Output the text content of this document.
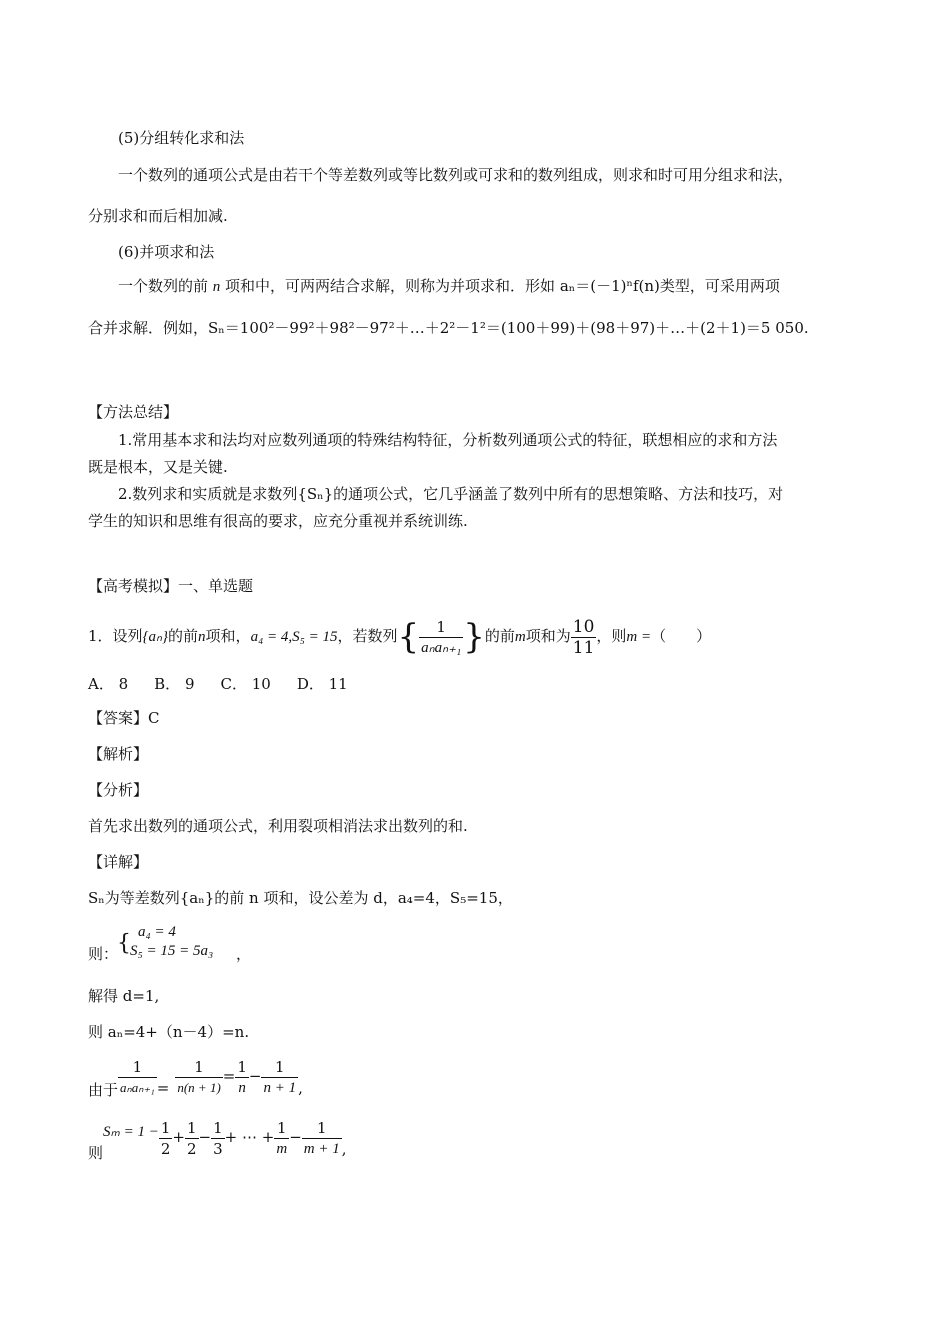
(5)分组转化求和法
一个数列的通项公式是由若干个等差数列或等比数列或可求和的数列组成，则求和时可用分组求和法，
分别求和而后相加减.
(6)并项求和法
一个数列的前 n 项和中，可两两结合求解，则称为并项求和．形如 aₙ＝(－1)ⁿf(n)类型，可采用两项
合并求解．例如，Sₙ＝100²－99²＋98²－97²＋…＋2²－1²＝(100＋99)＋(98＋97)＋…＋(2＋1)＝5 050.
【方法总结】
1.常用基本求和法均对应数列通项的特殊结构特征，分析数列通项公式的特征，联想相应的求和方法
既是根本，又是关键.
2.数列求和实质就是求数列{Sₙ}的通项公式，它几乎涵盖了数列中所有的思想策略、方法和技巧，对
学生的知识和思维有很高的要求，应充分重视并系统训练.
【高考模拟】一、单选题
1．设列{aₙ}的前n项和，a₄ = 4,S₅ = 15，若数列{ $\frac{1}{\text{aₙaₙ₊₁}}$ }的前m项和为 $\frac{10}{11}$ ，则m =（　　）
A． 8 B． 9 C． 10 D． 11
【答案】C
【解析】
【分析】
首先求出数列的通项公式，利用裂项相消法求出数列的和.
【详解】
Sₙ为等差数列{aₙ}的前 n 项和，设公差为 d，a₄=4，S₅=15，
则：
{ a₄ = 4
S₅ = 15 = 5a₃ ，
解得 d=1,
则 aₙ=4+（n－4）=n.
由于 $\frac{1}{\text{aₙaₙ₊₁}} = \frac{1}{n(n + 1)} = \frac{1}{n} - \frac{1}{n + 1}$ ,
则$S_m = 1 - \frac{1}{2} + \frac{1}{2} - \frac{1}{3}$ + ⋯ + $\frac{1}{m} - \frac{1}{m + 1}$ ,
